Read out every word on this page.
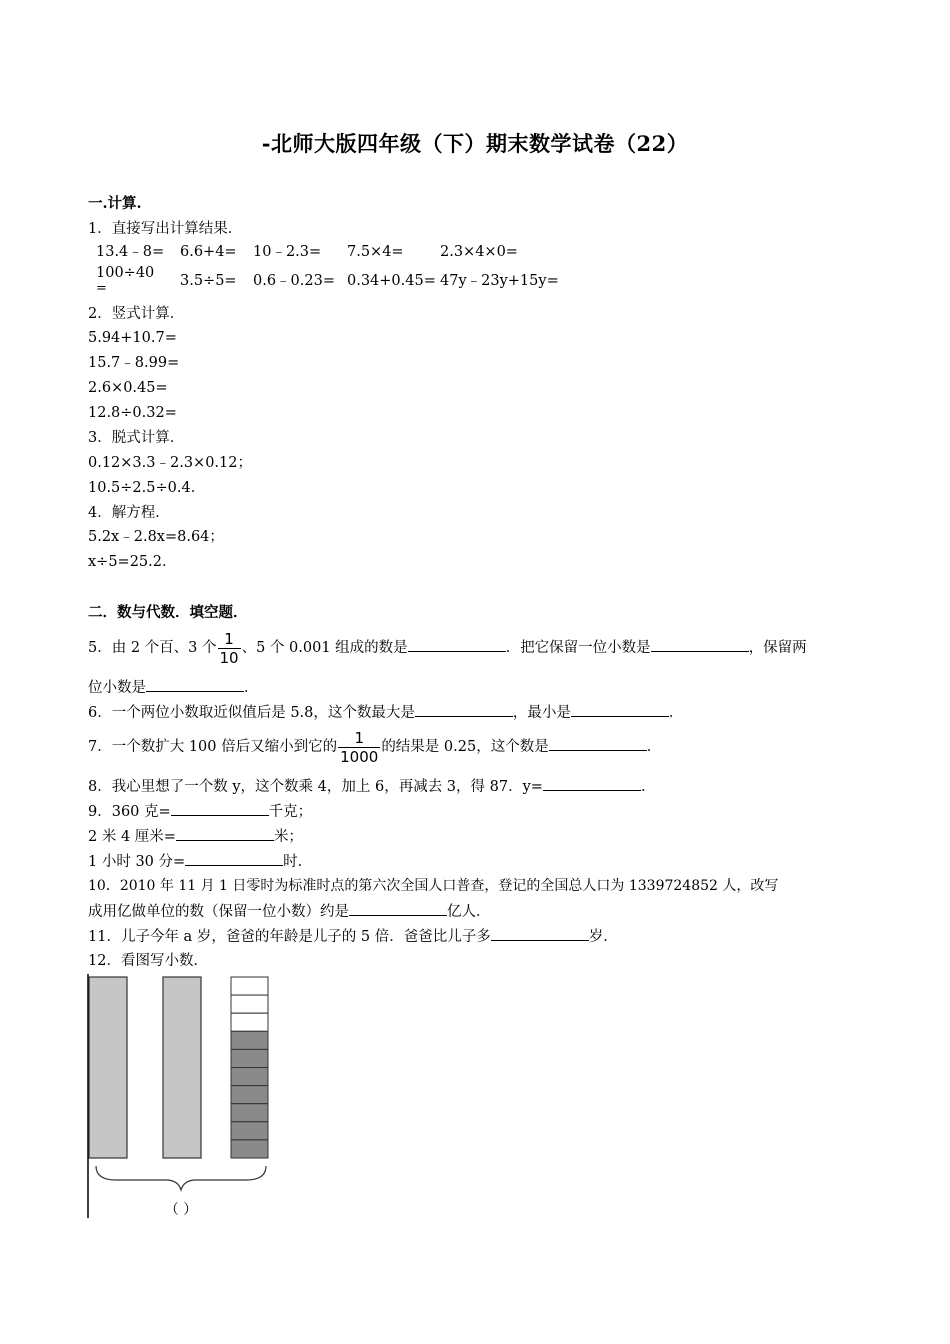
-北师大版四年级（下）期末数学试卷（22）
一.计算.
1．直接写出计算结果．
13.4﹣8= 6.6+4= 10﹣2.3= 7.5×4=	2.3×4×0=
100÷40
=	3.5÷5= 0.6﹣0.23= 0.34+0.45= 47y﹣23y+15y=
2．竖式计算．
5.94+10.7=
15.7﹣8.99=
2.6×0.45=
12.8÷0.32=
3．脱式计算．
0.12×3.3﹣2.3×0.12；
10.5÷2.5÷0.4．
4．解方程．
5.2x﹣2.8x=8.64；
x÷5=25.2．
二．数与代数．填空题．
5．由 2 个百、3 个 $\frac{1}{10}$ 、5 个 0.001 组成的数是	．把它保留一位小数是	，保留两
位小数是	．
6．一个两位小数取近似值后是 5.8，这个数最大是	，最小是	．
7．一个数扩大 100 倍后又缩小到它的 $\frac{1}{1000}$ 的结果是 0.25，这个数是	．
8．我心里想了一个数 y，这个数乘 4，加上 6，再减去 3，得 87．y=	．
9．360 克=	千克；
2 米 4 厘米=	米；
1 小时 30 分=	时．
10．2010 年 11 月 1 日零时为标准时点的第六次全国人口普查，登记的全国总人口为 1339724852 人，改写
成用亿做单位的数（保留一位小数）约是	亿人．
11．儿子今年 a 岁，爸爸的年龄是儿子的 5 倍．爸爸比儿子多	岁．
12．看图写小数．
（ ）
